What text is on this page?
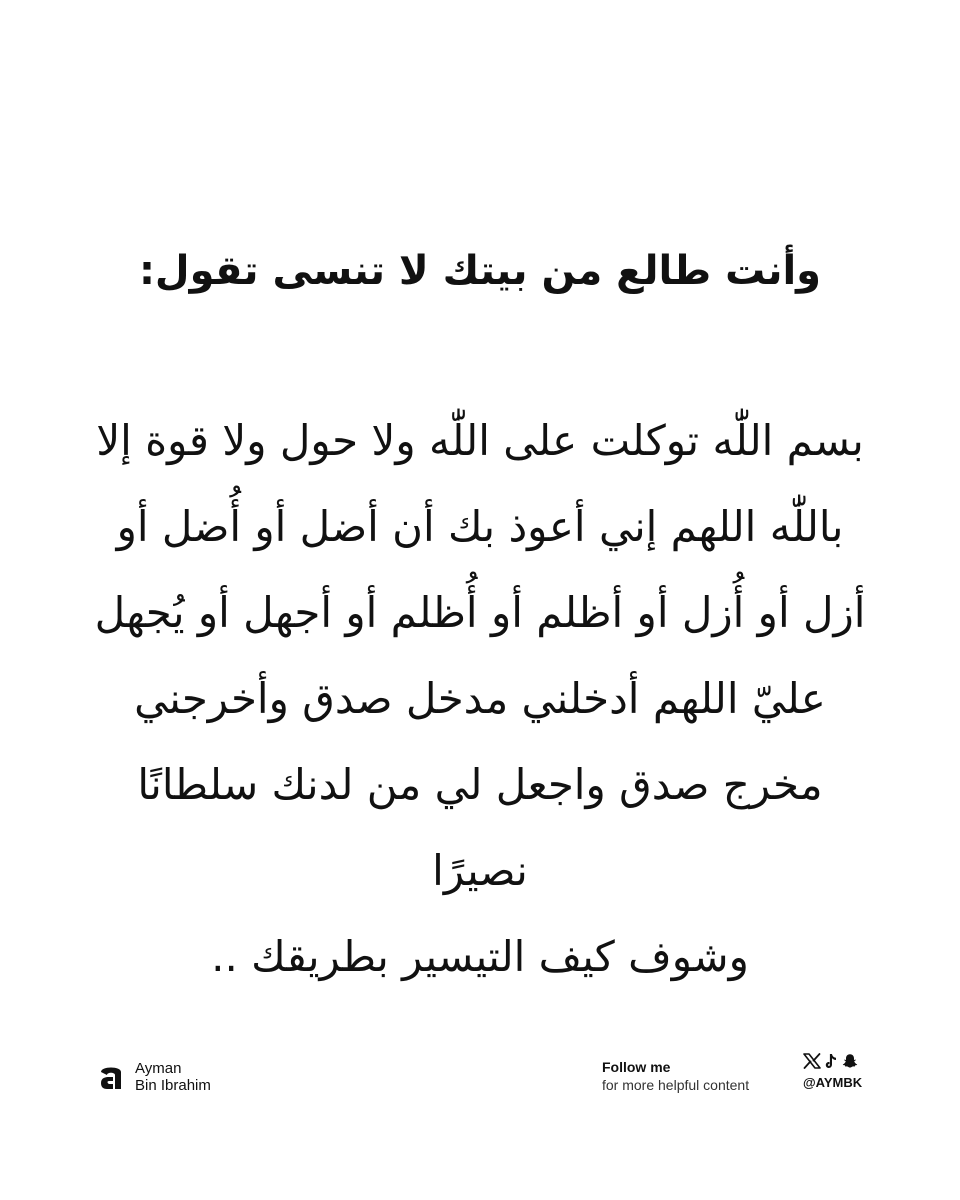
وأنت طالع من بيتك لا تنسى تقول:
بسم اللّٰه توكلت على اللّٰه ولا حول ولا قوة إلا
باللّٰه اللهم إني أعوذ بك أن أضل أو أُضل أو
أزل أو أُزل أو أظلم أو أُظلم أو أجهل أو يُجهل
عليّ اللهم أدخلني مدخل صدق وأخرجني
مخرج صدق واجعل لي من لدنك سلطانًا
نصيرًا
وشوف كيف التيسير بطريقك ..
Ayman
Bin Ibrahim
Follow me
for more helpful content	@AYMBK
